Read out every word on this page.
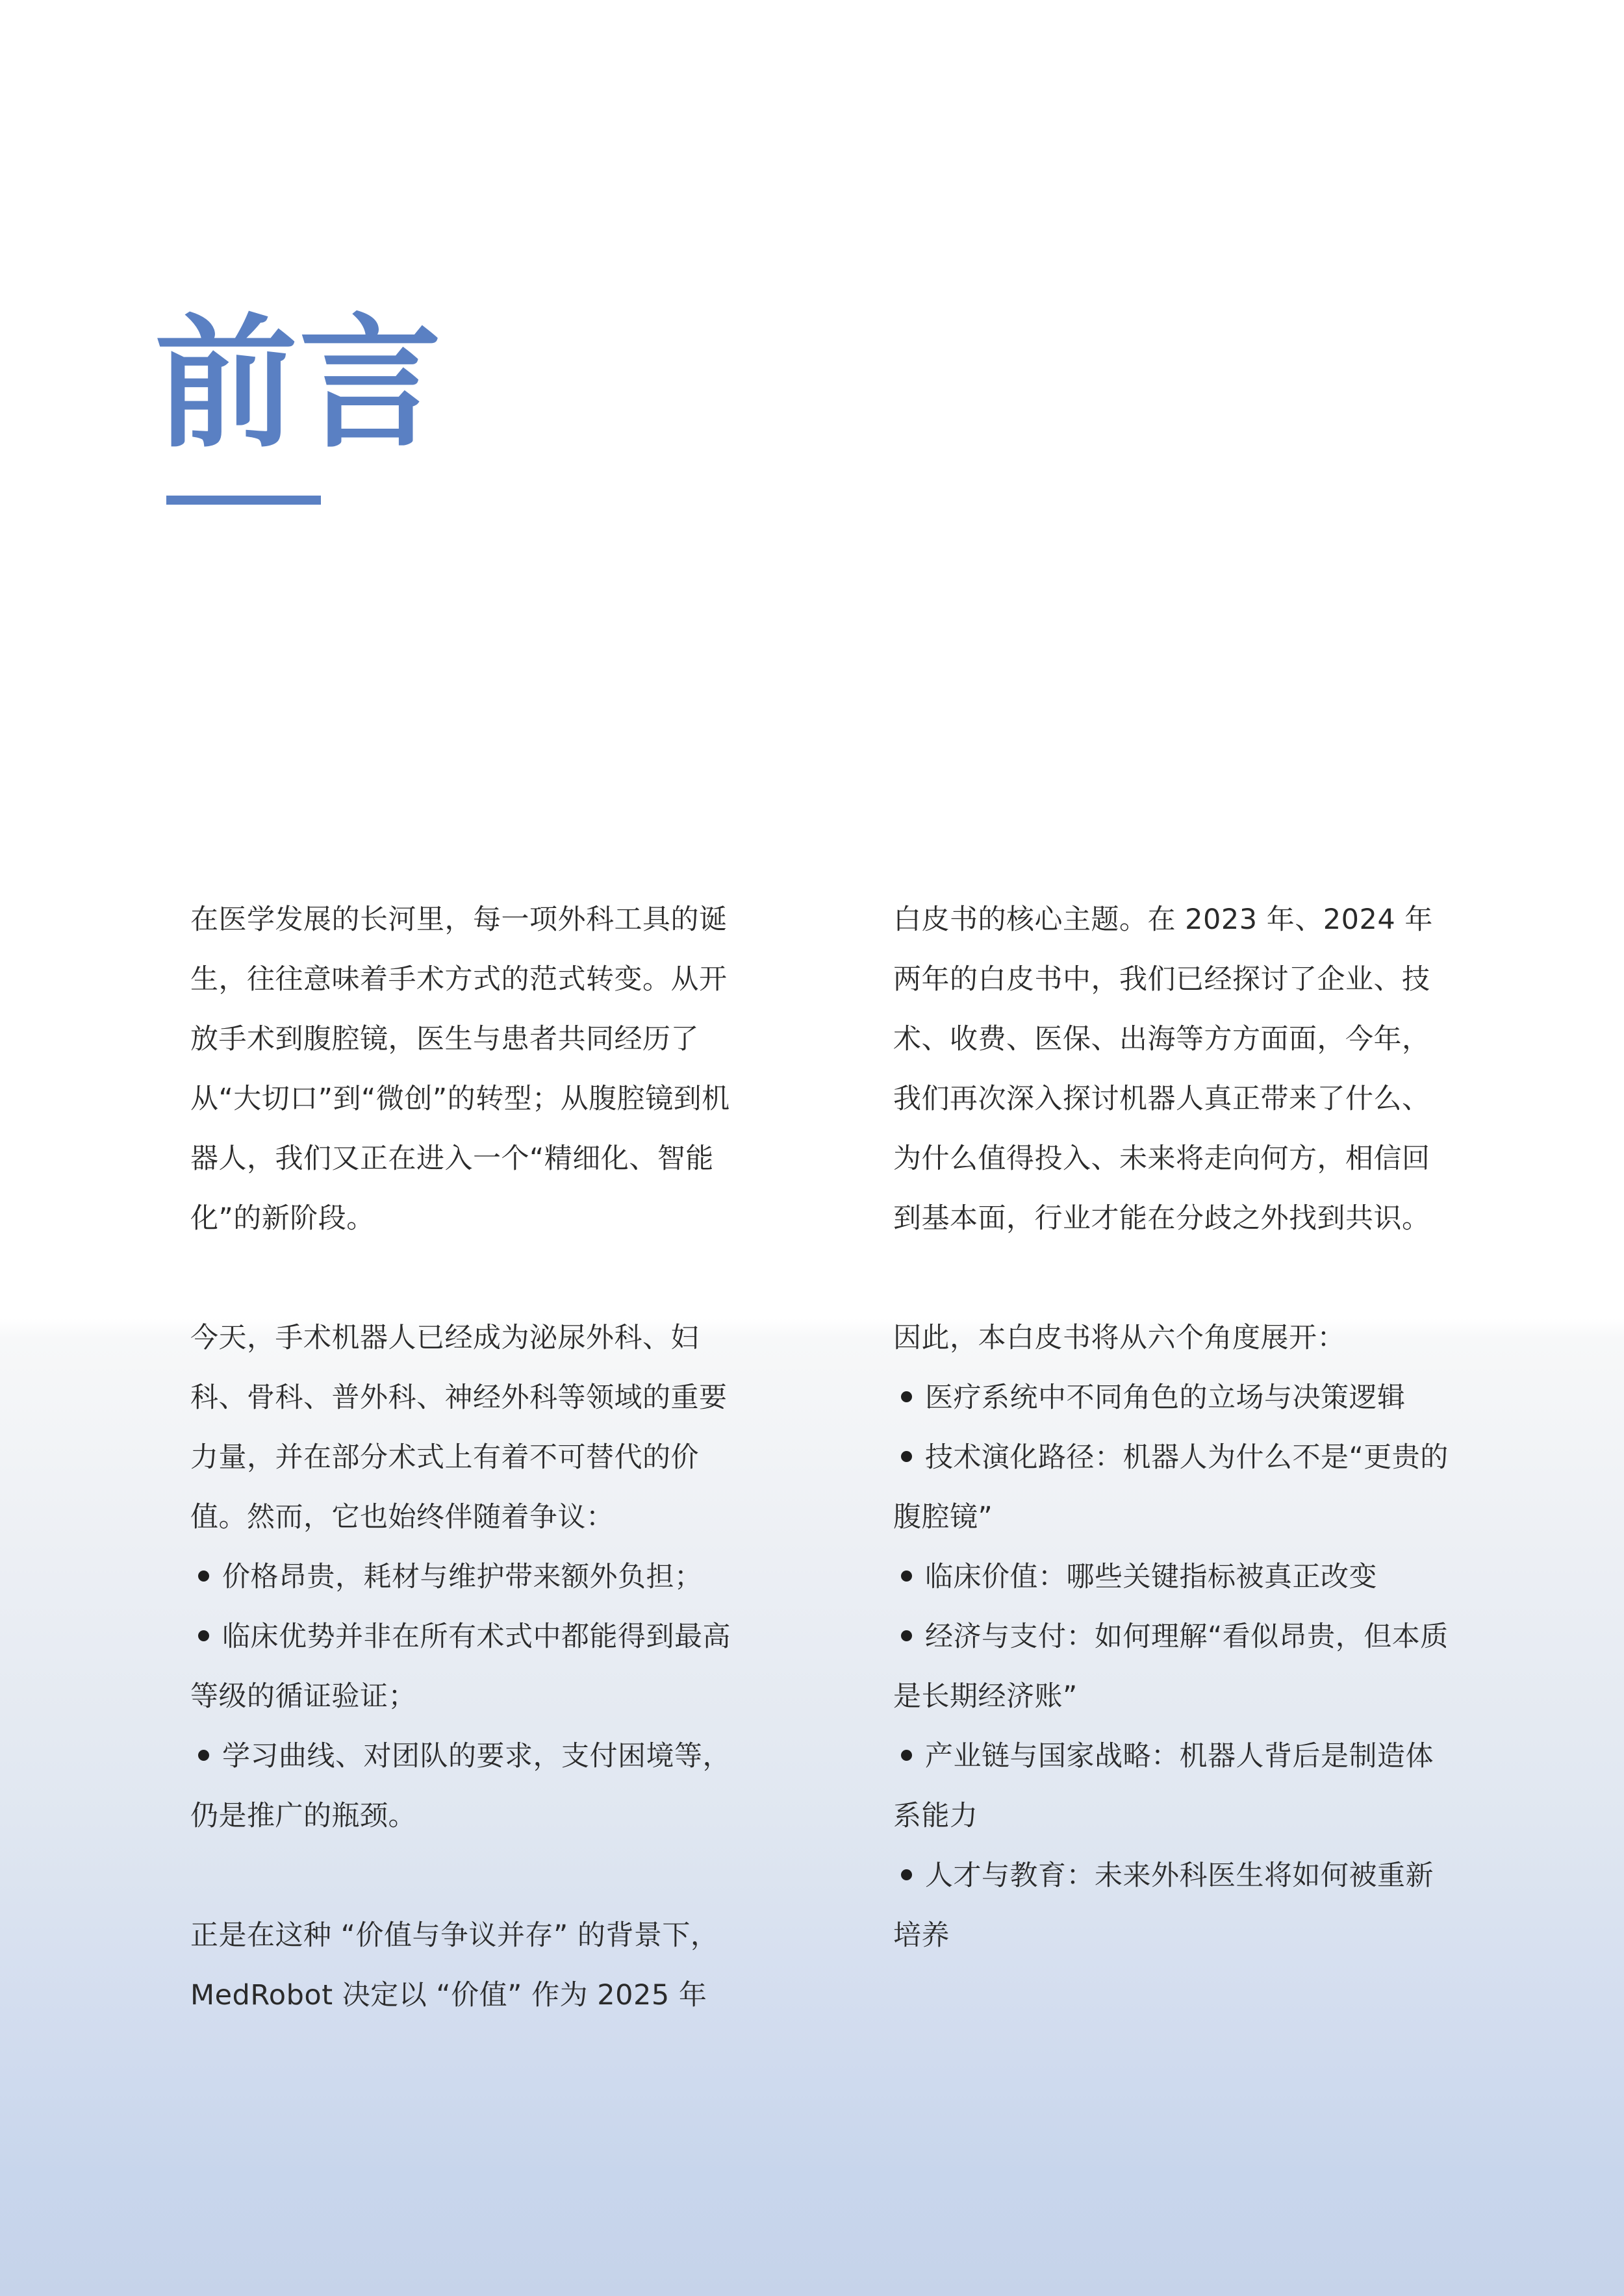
前言

在医学发展的长河里，每一项外科工具的诞生，往往意味着手术方式的范式转变。从开放手术到腹腔镜，医生与患者共同经历了从“大切口”到“微创”的转型；从腹腔镜到机器人，我们又正在进入一个“精细化、智能化”的新阶段。

今天，手术机器人已经成为泌尿外科、妇科、骨科、普外科、神经外科等领域的重要力量，并在部分术式上有着不可替代的价值。然而，它也始终伴随着争议：

价格昂贵，耗材与维护带来额外负担；
临床优势并非在所有术式中都能得到最高等级的循证验证；
学习曲线、对团队的要求，支付困境等，仍是推广的瓶颈。

正是在这种 “价值与争议并存” 的背景下，MedRobot 决定以 “价值” 作为 2025 年

白皮书的核心主题。在 2023 年、2024 年两年的白皮书中，我们已经探讨了企业、技术、收费、医保、出海等方方面面，今年，我们再次深入探讨机器人真正带来了什么、为什么值得投入、未来将走向何方，相信回到基本面，行业才能在分歧之外找到共识。

因此，本白皮书将从六个角度展开：

医疗系统中不同角色的立场与决策逻辑
技术演化路径：机器人为什么不是“更贵的腹腔镜”
临床价值：哪些关键指标被真正改变
经济与支付：如何理解“看似昂贵，但本质是长期经济账”
产业链与国家战略：机器人背后是制造体系能力
人才与教育：未来外科医生将如何被重新培养
